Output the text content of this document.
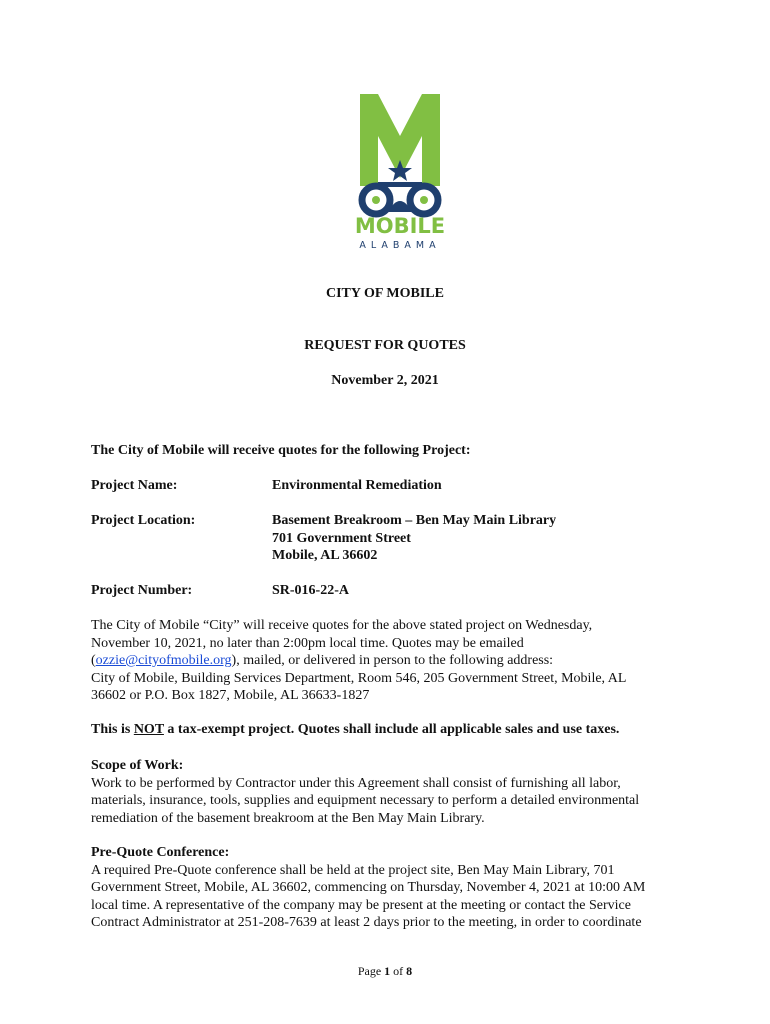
MOBILE
ALABAMA
CITY OF MOBILE
REQUEST FOR QUOTES
November 2, 2021
The City of Mobile will receive quotes for the following Project:
Project Name:	Environmental Remediation
Project Location:	Basement Breakroom – Ben May Main Library
701 Government Street
Mobile, AL 36602
Project Number:	SR-016-22-A
The City of Mobile “City” will receive quotes for the above stated project on Wednesday,
November 10, 2021, no later than 2:00pm local time. Quotes may be emailed
(ozzie@cityofmobile.org), mailed, or delivered in person to the following address:
City of Mobile, Building Services Department, Room 546, 205 Government Street, Mobile, AL
36602 or P.O. Box 1827, Mobile, AL 36633-1827
This is NOT a tax-exempt project. Quotes shall include all applicable sales and use taxes.
Scope of Work:
Work to be performed by Contractor under this Agreement shall consist of furnishing all labor,
materials, insurance, tools, supplies and equipment necessary to perform a detailed environmental
remediation of the basement breakroom at the Ben May Main Library.
Pre-Quote Conference:
A required Pre-Quote conference shall be held at the project site, Ben May Main Library, 701
Government Street, Mobile, AL 36602, commencing on Thursday, November 4, 2021 at 10:00 AM
local time. A representative of the company may be present at the meeting or contact the Service
Contract Administrator at 251-208-7639 at least 2 days prior to the meeting, in order to coordinate
Page 1 of 8
